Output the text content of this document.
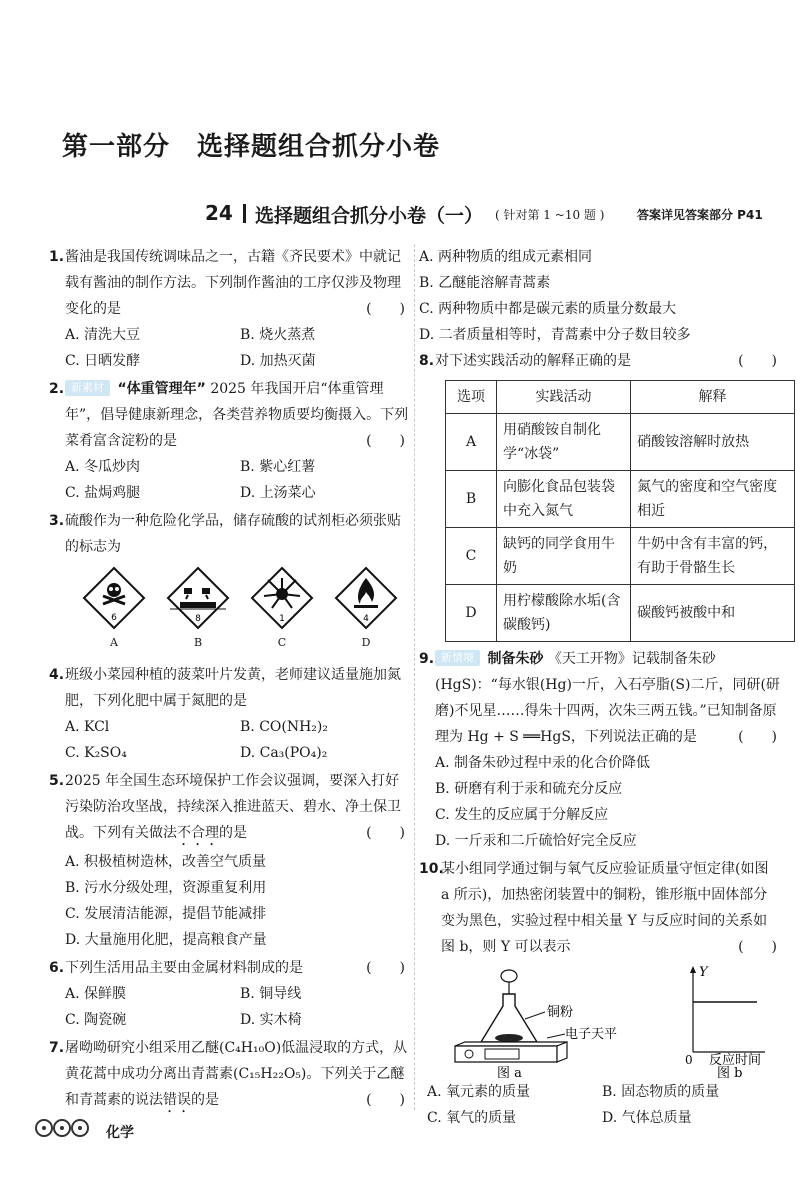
第一部分　选择题组合抓分小卷
24 选择题组合抓分小卷（一） ( 针对第 1 ~10 题 )	答案详见答案部分 P41
1. 酱油是我国传统调味品之一，古籍《齐民要术》中就记载有酱油的制作方法。下列制作酱油的工序仅涉及物理变化的是	(　　)
A. 清洗大豆	B. 烧火蒸煮
C. 日晒发酵	D. 加热灭菌
2. 新素材 “体重管理年” 2025 年我国开启“体重管理年”，倡导健康新理念，各类营养物质要均衡摄入。下列菜肴富含淀粉的是	(　　)
A. 冬瓜炒肉	B. 紫心红薯
C. 盐焗鸡腿	D. 上汤菜心
3. 硫酸作为一种危险化学品，储存硫酸的试剂柜必须张贴的标志为
6
A
8
B
1
C
4
D
4. 班级小菜园种植的菠菜叶片发黄，老师建议适量施加氮肥，下列化肥中属于氮肥的是
A. KCl	B. CO(NH₂)₂
C. K₂SO₄	D. Ca₃(PO₄)₂
5. 2025 年全国生态环境保护工作会议强调，要深入打好污染防治攻坚战，持续深入推进蓝天、碧水、净土保卫战。下列有关做法不合理的是	(　　)
A. 积极植树造林，改善空气质量
B. 污水分级处理，资源重复利用
C. 发展清洁能源，提倡节能减排
D. 大量施用化肥，提高粮食产量
6. 下列生活用品主要由金属材料制成的是	(　　)
A. 保鲜膜	B. 铜导线
C. 陶瓷碗	D. 实木椅
7. 屠呦呦研究小组采用乙醚(C₄H₁₀O)低温浸取的方式，从黄花蒿中成功分离出青蒿素(C₁₅H₂₂O₅)。下列关于乙醚和青蒿素的说法错误的是	(　　)
A. 两种物质的组成元素相同
B. 乙醚能溶解青蒿素
C. 两种物质中都是碳元素的质量分数最大
D. 二者质量相等时，青蒿素中分子数目较多
8. 对下述实践活动的解释正确的是	(　　)
选项	实践活动	解释
A	用硝酸铵自制化学“冰袋”	硝酸铵溶解时放热
B	向膨化食品包装袋中充入氮气	氮气的密度和空气密度相近
C	缺钙的同学食用牛奶	牛奶中含有丰富的钙，有助于骨骼生长
D	用柠檬酸除水垢(含碳酸钙)	碳酸钙被酸中和
9. 新情境 制备朱砂 《天工开物》记载制备朱砂(HgS)：“每水银(Hg)一斤，入石亭脂(S)二斤，同研(研磨)不见星……得朱十四两，次朱三两五钱。”已知制备原理为 Hg + S ══HgS，下列说法正确的是	(　　)
A. 制备朱砂过程中汞的化合价降低
B. 研磨有利于汞和硫充分反应
C. 发生的反应属于分解反应
D. 一斤汞和二斤硫恰好完全反应
10.
某小组同学通过铜与氧气反应验证质量守恒定律(如图 a 所示)，加热密闭装置中的铜粉，锥形瓶中固体部分变为黑色，实验过程中相关量 Y 与反应时间的关系如图 b，则 Y 可以表示	(　　)
铜粉
电子天平
图 a
Y
0 反应时间
图 b
A. 氧元素的质量	B. 固态物质的质量
C. 氧气的质量	D. 气体总质量
化学
